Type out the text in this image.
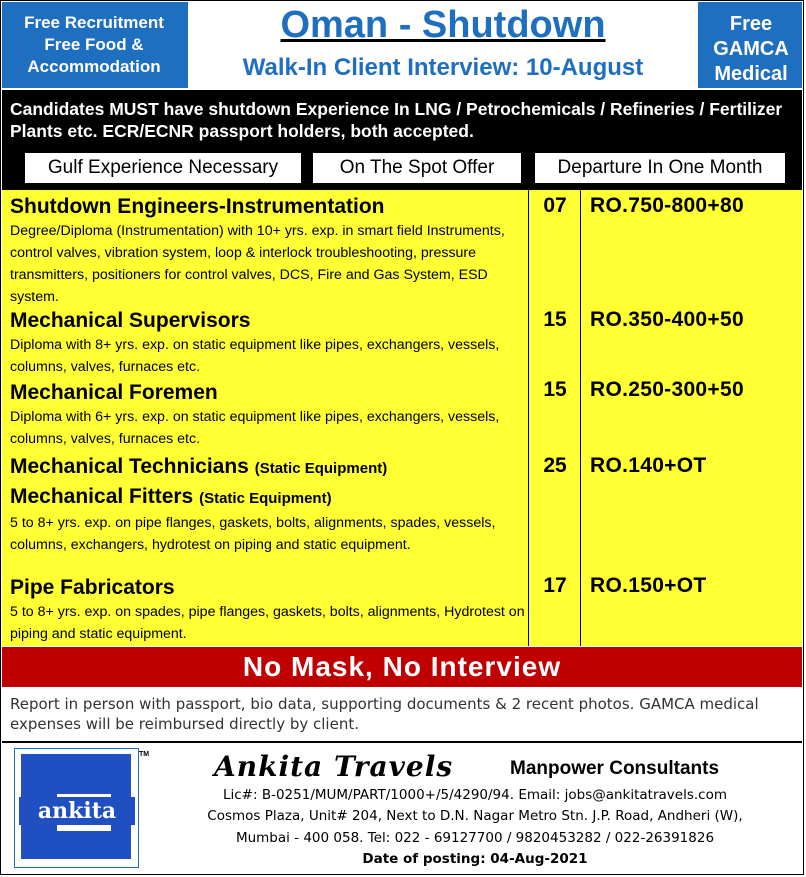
Free Recruitment
Free Food &
Accommodation
Oman - Shutdown
Walk-In Client Interview: 10-August
Free
GAMCA
Medical
Candidates MUST have shutdown Experience In LNG / Petrochemicals / Refineries / Fertilizer Plants etc. ECR/ECNR passport holders, both accepted.
Gulf Experience Necessary	On The Spot Offer	Departure In One Month
Shutdown Engineers-Instrumentation
Degree/Diploma (Instrumentation) with 10+ yrs. exp. in smart field Instruments, control valves, vibration system, loop & interlock troubleshooting, pressure transmitters, positioners for control valves, DCS, Fire and Gas System, ESD system.
07	RO.750-800+80
Mechanical Supervisors
Diploma with 8+ yrs. exp. on static equipment like pipes, exchangers, vessels, columns, valves, furnaces etc.
15	RO.350-400+50
Mechanical Foremen
Diploma with 6+ yrs. exp. on static equipment like pipes, exchangers, vessels, columns, valves, furnaces etc.
15	RO.250-300+50
Mechanical Technicians (Static Equipment)
Mechanical Fitters (Static Equipment)
5 to 8+ yrs. exp. on pipe flanges, gaskets, bolts, alignments, spades, vessels, columns, exchangers, hydrotest on piping and static equipment.
25	RO.140+OT
Pipe Fabricators
5 to 8+ yrs. exp. on spades, pipe flanges, gaskets, bolts, alignments, Hydrotest on piping and static equipment.
17	RO.150+OT
No Mask, No Interview
Report in person with passport, bio data, supporting documents & 2 recent photos. GAMCA medical expenses will be reimbursed directly by client.
ankita
TM Ankita Travels	Manpower Consultants
Lic#: B-0251/MUM/PART/1000+/5/4290/94. Email: jobs@ankitatravels.com
Cosmos Plaza, Unit# 204, Next to D.N. Nagar Metro Stn. J.P. Road, Andheri (W),
Mumbai - 400 058. Tel: 022 - 69127700 / 9820453282 / 022-26391826
Date of posting: 04-Aug-2021
